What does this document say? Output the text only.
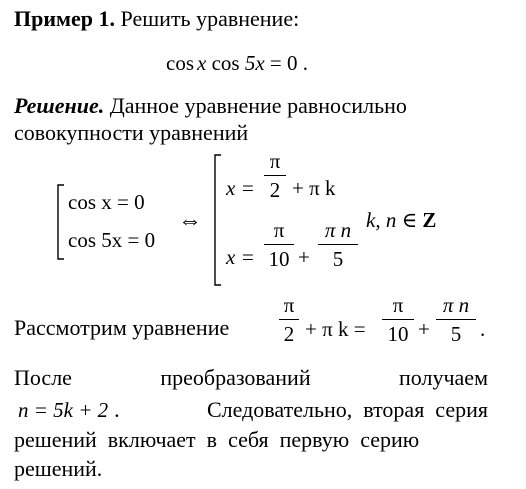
Пример 1. Решить уравнение:
cos x cos 5x = 0 .
Решение. Данное уравнение равносильно
совокупности уравнений
cos x = 0
cos 5x = 0
⇔
x =
π
2 + π k
x =
π
10 +
π n
5
k, n ∈ Z
Рассмотрим уравнение
π
2 + π k =
π
10 +
π n
5 .
После	преобразований	получаем
n = 5k + 2 .	Следовательно,  вторая  серия
решений  включает  в  себя  первую  серию
решений.
